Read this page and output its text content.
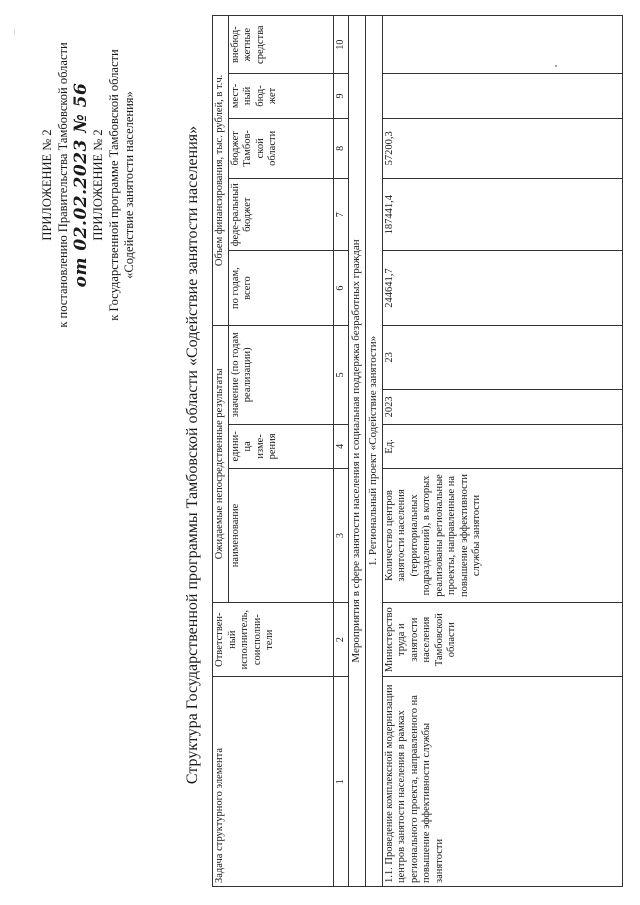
...
ПРИЛОЖЕНИЕ № 2 к постановлению Правительства Тамбовской области от 02.02.2023 № 56 ПРИЛОЖЕНИЕ № 2 к Государственной программе Тамбовской области «Содействие занятости населения»	Структура Государственной программы Тамбовской области «Содействие занятости населения»
Задача структурного элемента	Ответствен-ный исполнитель, соисполни-тели	Ожидаемые непосредственные результаты				Объем финансирования, тыс. рублей, в т.ч.				
		наименование	едини-ца изме-рения	значение (по годам реализации)		по годам, всего	феде-ральный бюджет	бюджет Тамбов-ской области	мест-ный бюд-жет	внебюд-жетные средства
1	2	3	4	5		6	7	8	9	10
Мероприятия в сфере занятости населения и социальная поддержка безработных граждан										
1. Региональный проект «Содействие занятости»										
1.1. Проведение комплексной модернизации центров занятости населения в рамках регионального проекта, направленного на повышение эффективности службы занятости	Министерство труда и занятости населения Тамбовской области	Количество центров занятости населения (территориальных подразделений), в которых реализованы региональные проекты, направленные на повышение эффективности службы занятости	Ед.	2023	23	244641,7	187441,4	57200,3		
